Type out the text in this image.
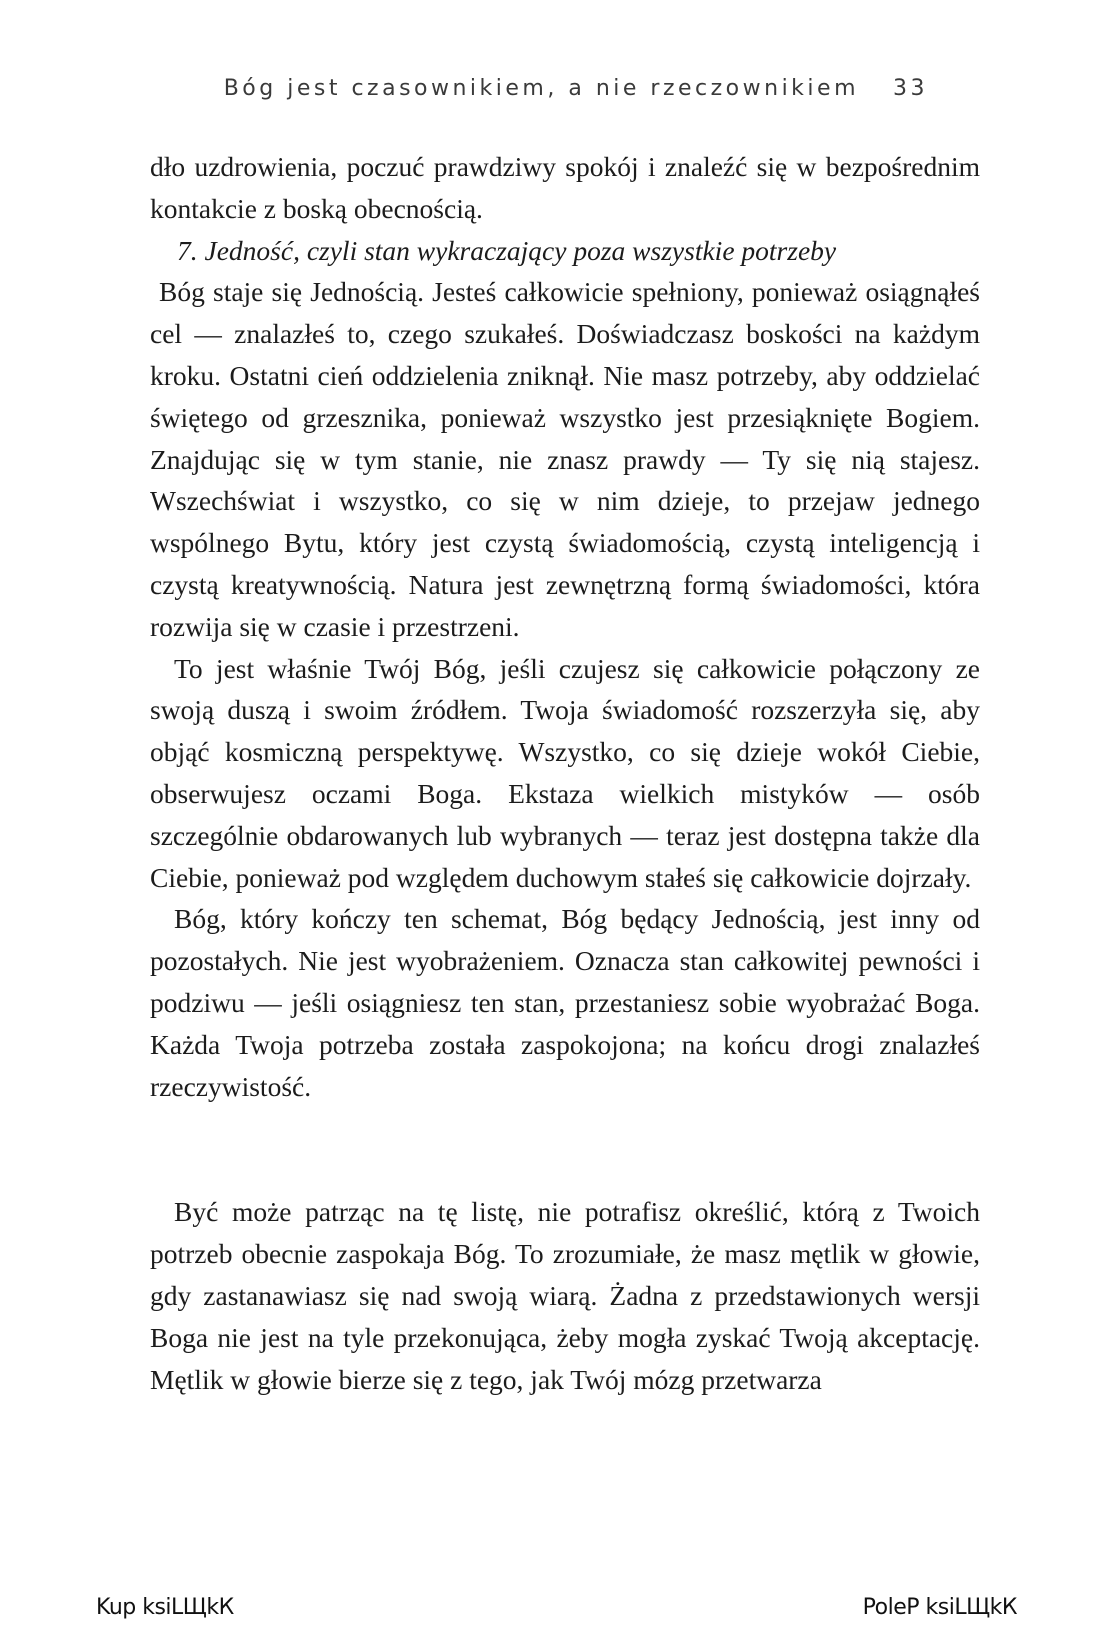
Bóg jest czasownikiem, a nie rzeczownikiem 33

dło uzdrowienia, poczuć prawdziwy spokój i znaleźć się w bezpośrednim kontakcie z boską obecnością.

7. Jedność, czyli stan wykraczający poza wszystkie potrzeby

Bóg staje się Jednością. Jesteś całkowicie spełniony, ponieważ osiągnąłeś cel — znalazłeś to, czego szukałeś. Doświadczasz boskości na każdym kroku. Ostatni cień oddzielenia zniknął. Nie masz potrzeby, aby oddzielać świętego od grzesznika, ponieważ wszystko jest przesiąknięte Bogiem. Znajdując się w tym stanie, nie znasz prawdy — Ty się nią stajesz. Wszechświat i wszystko, co się w nim dzieje, to przejaw jednego wspólnego Bytu, który jest czystą świadomością, czystą inteligencją i czystą kreatywnością. Natura jest zewnętrzną formą świadomości, która rozwija się w czasie i przestrzeni.

To jest właśnie Twój Bóg, jeśli czujesz się całkowicie połączony ze swoją duszą i swoim źródłem. Twoja świadomość rozszerzyła się, aby objąć kosmiczną perspektywę. Wszystko, co się dzieje wokół Ciebie, obserwujesz oczami Boga. Ekstaza wielkich mistyków — osób szczególnie obdarowanych lub wybranych — teraz jest dostępna także dla Ciebie, ponieważ pod względem duchowym stałeś się całkowicie dojrzały.

Bóg, który kończy ten schemat, Bóg będący Jednością, jest inny od pozostałych. Nie jest wyobrażeniem. Oznacza stan całkowitej pewności i podziwu — jeśli osiągniesz ten stan, przestaniesz sobie wyobrażać Boga. Każda Twoja potrzeba została zaspokojona; na końcu drogi znalazłeś rzeczywistość.

Być może patrząc na tę listę, nie potrafisz określić, którą z Twoich potrzeb obecnie zaspokaja Bóg. To zrozumiałe, że masz mętlik w głowie, gdy zastanawiasz się nad swoją wiarą. Żadna z przedstawionych wersji Boga nie jest na tyle przekonująca, żeby mogła zyskać Twoją akceptację. Mętlik w głowie bierze się z tego, jak Twój mózg przetwarza

Kup ksiLЩkК	PoleР ksiLЩkК
